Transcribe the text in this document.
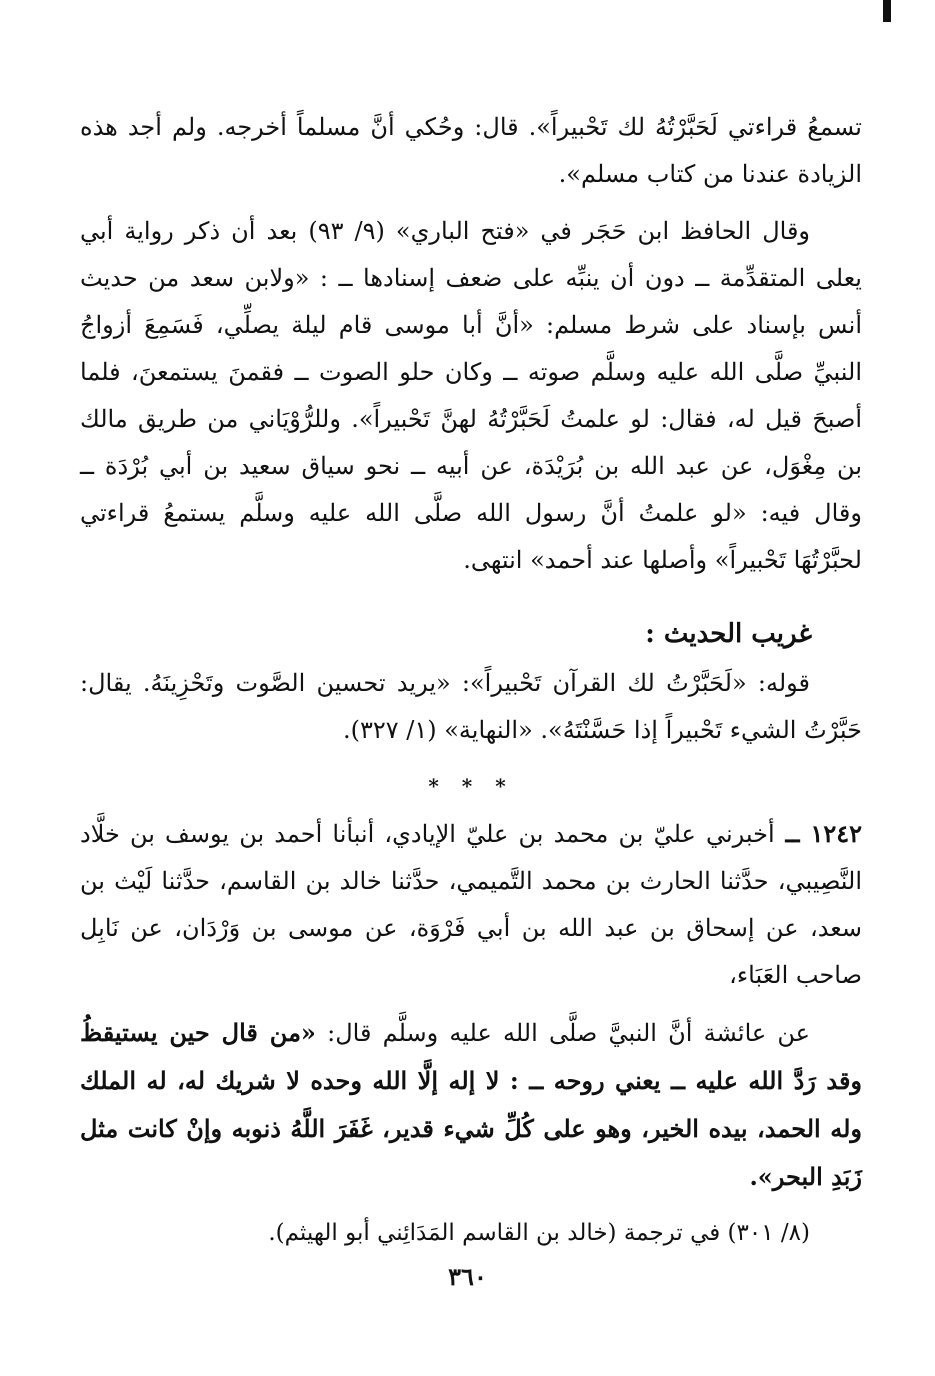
تسمعُ قراءتي لَحَبَّرْتُهُ لك تَحْبيراً». قال: وحُكي أنَّ مسلماً أخرجه. ولم أجد هذه الزيادة عندنا من كتاب مسلم».

وقال الحافظ ابن حَجَر في «فتح الباري» (٩/ ٩٣) بعد أن ذكر رواية أبي يعلى المتقدِّمة ــ دون أن ينبِّه على ضعف إسنادها ــ : «ولابن سعد من حديث أنس بإسناد على شرط مسلم: «أنَّ أبا موسى قام ليلة يصلِّي، فَسَمِعَ أزواجُ النبيِّ صلَّى الله عليه وسلَّم صوته ــ وكان حلو الصوت ــ فقمنَ يستمعنَ، فلما أصبحَ قيل له، فقال: لو علمتُ لَحَبَّرْتُهُ لهنَّ تَحْبيراً». وللرُّوْيَاني من طريق مالك بن مِغْوَل، عن عبد الله بن بُرَيْدَة، عن أبيه ــ نحو سياق سعيد بن أبي بُرْدَة ــ وقال فيه: «لو علمتُ أنَّ رسول الله صلَّى الله عليه وسلَّم يستمعُ قراءتي لحبَّرْتُهَا تَحْبيراً» وأصلها عند أحمد» انتهى.

غريب الحديث :

قوله: «لَحَبَّرْتُ لك القرآن تَحْبيراً»: «يريد تحسين الصَّوت وتَحْزِينَهُ. يقال: حَبَّرْتُ الشيء تَحْبيراً إذا حَسَّنْتَهُ». «النهاية» (١/ ٣٢٧).

* * *

١٢٤٢ ــ أخبرني عليّ بن محمد بن عليّ الإيادي، أنبأنا أحمد بن يوسف بن خلَّاد النَّصِيبي، حدَّثنا الحارث بن محمد التَّميمي، حدَّثنا خالد بن القاسم، حدَّثنا لَيْث بن سعد، عن إسحاق بن عبد الله بن أبي فَرْوَة، عن موسى بن وَرْدَان، عن نَابِل صاحب العَبَاء،

عن عائشة أنَّ النبيَّ صلَّى الله عليه وسلَّم قال: «من قال حين يستيقظُ وقد رَدَّ الله عليه ــ يعني روحه ــ : لا إله إلَّا الله وحده لا شريك له، له الملك وله الحمد، بيده الخير، وهو على كُلِّ شيء قدير، غَفَرَ اللَّهُ ذنوبه وإنْ كانت مثل زَبَدِ البحر».

(٨/ ٣٠١) في ترجمة (خالد بن القاسم المَدَائِني أبو الهيثم).

٣٦٠
